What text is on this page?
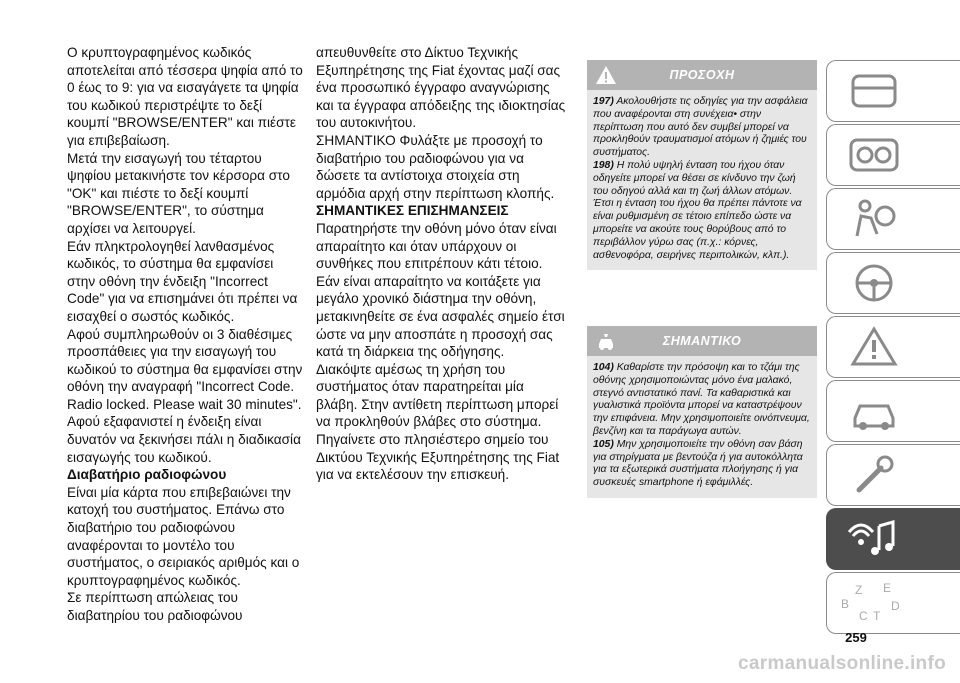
Ο κρυπτογραφημένος κωδικός αποτελείται από τέσσερα ψηφία από το 0 έως το 9: για να εισαγάγετε τα ψηφία του κωδικού περιστρέψτε το δεξί κουμπί "BROWSE/ENTER" και πιέστε για επιβεβαίωση.

Μετά την εισαγωγή του τέταρτου ψηφίου μετακινήστε τον κέρσορα στο "OK" και πιέστε το δεξί κουμπί "BROWSE/ENTER", το σύστημα αρχίσει να λειτουργεί.

Εάν πληκτρολογηθεί λανθασμένος κωδικός, το σύστημα θα εμφανίσει στην οθόνη την ένδειξη "Incorrect Code" για να επισημάνει ότι πρέπει να εισαχθεί ο σωστός κωδικός.

Αφού συμπληρωθούν οι 3 διαθέσιμες προσπάθειες για την εισαγωγή του κωδικού το σύστημα θα εμφανίσει στην οθόνη την αναγραφή "Incorrect Code. Radio locked. Please wait 30 minutes". Αφού εξαφανιστεί η ένδειξη είναι δυνατόν να ξεκινήσει πάλι η διαδικασία εισαγωγής του κωδικού.

Διαβατήριο ραδιοφώνου

Είναι μία κάρτα που επιβεβαιώνει την κατοχή του συστήματος. Επάνω στο διαβατήριο του ραδιοφώνου αναφέρονται το μοντέλο του συστήματος, ο σειριακός αριθμός και ο κρυπτογραφημένος κωδικός.

Σε περίπτωση απώλειας του διαβατηρίου του ραδιοφώνου

απευθυνθείτε στο Δίκτυο Τεχνικής Εξυπηρέτησης της Fiat έχοντας μαζί σας ένα προσωπικό έγγραφο αναγνώρισης και τα έγγραφα απόδειξης της ιδιοκτησίας του αυτοκινήτου.

ΣΗΜΑΝΤΙΚΟ Φυλάξτε με προσοχή το διαβατήριο του ραδιοφώνου για να δώσετε τα αντίστοιχα στοιχεία στη αρμόδια αρχή στην περίπτωση κλοπής.

ΣΗΜΑΝΤΙΚΕΣ ΕΠΙΣΗΜΑΝΣΕΙΣ

Παρατηρήστε την οθόνη μόνο όταν είναι απαραίτητο και όταν υπάρχουν οι συνθήκες που επιτρέπουν κάτι τέτοιο. Εάν είναι απαραίτητο να κοιτάξετε για μεγάλο χρονικό διάστημα την οθόνη, μετακινηθείτε σε ένα ασφαλές σημείο έτσι ώστε να μην αποσπάτε η προσοχή σας κατά τη διάρκεια της οδήγησης.

Διακόψτε αμέσως τη χρήση του συστήματος όταν παρατηρείται μία βλάβη. Στην αντίθετη περίπτωση μπορεί να προκληθούν βλάβες στο σύστημα. Πηγαίνετε στο πλησιέστερο σημείο του Δικτύου Τεχνικής Εξυπηρέτησης της Fiat για να εκτελέσουν την επισκευή.

ΠΡΟΣΟΧΗ

197) Ακολουθήστε τις οδηγίες για την ασφάλεια που αναφέρονται στη συνέχεια• στην περίπτωση που αυτό δεν συμβεί μπορεί να προκληθούν τραυματισμοί ατόμων ή ζημιές του συστήματος.

198) Η πολύ υψηλή ένταση του ήχου όταν οδηγείτε μπορεί να θέσει σε κίνδυνο την ζωή του οδηγού αλλά και τη ζωή άλλων ατόμων. Έτσι η ένταση του ήχου θα πρέπει πάντοτε να είναι ρυθμισμένη σε τέτοιο επίπεδο ώστε να μπορείτε να ακούτε τους θορύβους από το περιβάλλον γύρω σας (π.χ.: κόρνες, ασθενοφόρα, σειρήνες περιπολικών, κλπ.).

ΣΗΜΑΝΤΙΚΟ

104) Καθαρίστε την πρόσοψη και το τζάμι της οθόνης χρησιμοποιώντας μόνο ένα μαλακό, στεγνό αντιστατικό πανί. Τα καθαριστικά και γυαλιστικά προϊόντα μπορεί να καταστρέψουν την επιφάνεια. Μην χρησιμοποιείτε οινόπνευμα, βενζίνη και τα παράγωγα αυτών.

105) Μην χρησιμοποιείτε την οθόνη σαν βάση για στηρίγματα με βεντούζα ή για αυτοκόλλητα για τα εξωτερικά συστήματα πλοήγησης ή για συσκευές smartphone ή εφάμιλλές.

Z E
B
C T
D
259
carmanualsonline.info
